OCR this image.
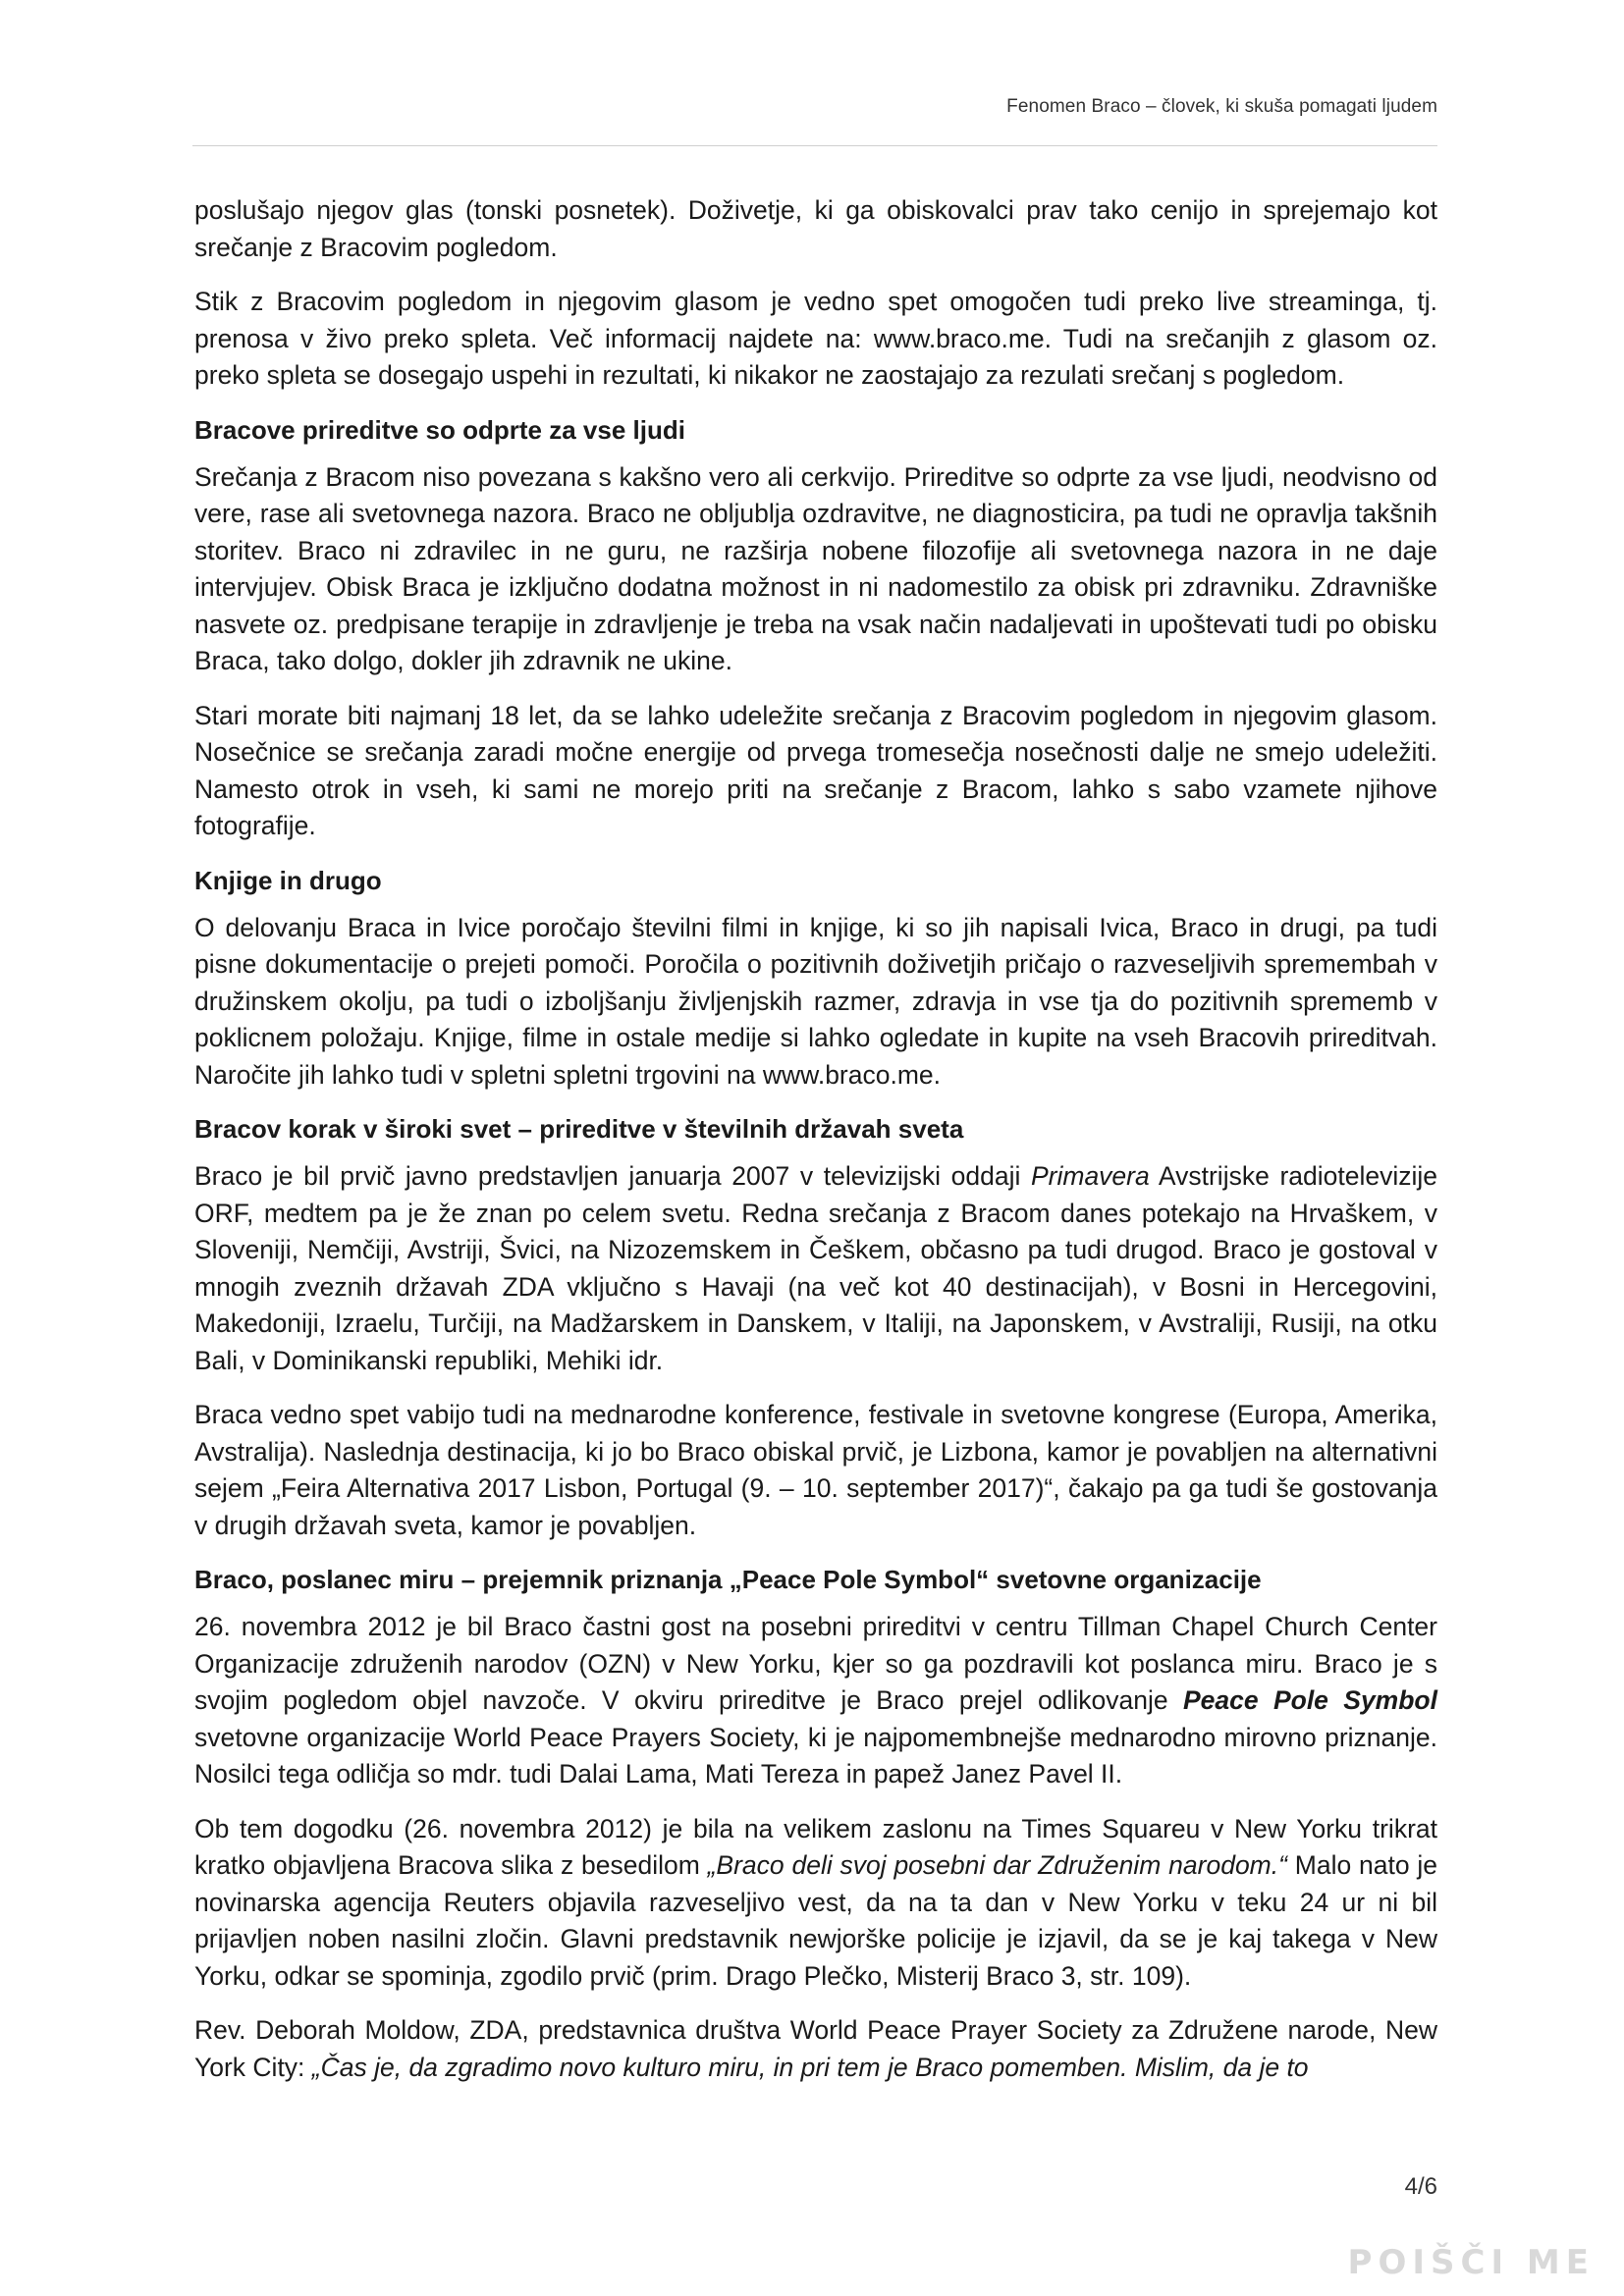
Fenomen Braco – človek, ki skuša pomagati ljudem

poslušajo njegov glas (tonski posnetek). Doživetje, ki ga obiskovalci prav tako cenijo in sprejemajo kot srečanje z Bracovim pogledom.

Stik z Bracovim pogledom in njegovim glasom je vedno spet omogočen tudi preko live streaminga, tj. prenosa v živo preko spleta. Več informacij najdete na: www.braco.me. Tudi na srečanjih z glasom oz. preko spleta se dosegajo uspehi in rezultati, ki nikakor ne zaostajajo za rezulati srečanj s pogledom.

Bracove prireditve so odprte za vse ljudi

Srečanja z Bracom niso povezana s kakšno vero ali cerkvijo. Prireditve so odprte za vse ljudi, neodvisno od vere, rase ali svetovnega nazora. Braco ne obljublja ozdravitve, ne diagnosticira, pa tudi ne opravlja takšnih storitev. Braco ni zdravilec in ne guru, ne razširja nobene filozofije ali svetovnega nazora in ne daje intervjujev. Obisk Braca je izključno dodatna možnost in ni nadomestilo za obisk pri zdravniku. Zdravniške nasvete oz. predpisane terapije in zdravljenje je treba na vsak način nadaljevati in upoštevati tudi po obisku Braca, tako dolgo, dokler jih zdravnik ne ukine.

Stari morate biti najmanj 18 let, da se lahko udeležite srečanja z Bracovim pogledom in njegovim glasom. Nosečnice se srečanja zaradi močne energije od prvega tromesečja nosečnosti dalje ne smejo udeležiti. Namesto otrok in vseh, ki sami ne morejo priti na srečanje z Bracom, lahko s sabo vzamete njihove fotografije.

Knjige in drugo

O delovanju Braca in Ivice poročajo številni filmi in knjige, ki so jih napisali Ivica, Braco in drugi, pa tudi pisne dokumentacije o prejeti pomoči. Poročila o pozitivnih doživetjih pričajo o razveseljivih spremembah v družinskem okolju, pa tudi o izboljšanju življenjskih razmer, zdravja in vse tja do pozitivnih sprememb v poklicnem položaju. Knjige, filme in ostale medije si lahko ogledate in kupite na vseh Bracovih prireditvah. Naročite jih lahko tudi v spletni spletni trgovini na www.braco.me.

Bracov korak v široki svet – prireditve v številnih državah sveta

Braco je bil prvič javno predstavljen januarja 2007 v televizijski oddaji Primavera Avstrijske radiotelevizije ORF, medtem pa je že znan po celem svetu. Redna srečanja z Bracom danes potekajo na Hrvaškem, v Sloveniji, Nemčiji, Avstriji, Švici, na Nizozemskem in Češkem, občasno pa tudi drugod. Braco je gostoval v mnogih zveznih državah ZDA vključno s Havaji (na več kot 40 destinacijah), v Bosni in Hercegovini, Makedoniji, Izraelu, Turčiji, na Madžarskem in Danskem, v Italiji, na Japonskem, v Avstraliji, Rusiji, na otku Bali, v Dominikanski republiki, Mehiki idr.

Braca vedno spet vabijo tudi na mednarodne konference, festivale in svetovne kongrese (Europa, Amerika, Avstralija). Naslednja destinacija, ki jo bo Braco obiskal prvič, je Lizbona, kamor je povabljen na alternativni sejem „Feira Alternativa 2017 Lisbon, Portugal (9. – 10. september 2017)“, čakajo pa ga tudi še gostovanja v drugih državah sveta, kamor je povabljen.

Braco, poslanec miru – prejemnik priznanja „Peace Pole Symbol“ svetovne organizacije

26. novembra 2012 je bil Braco častni gost na posebni prireditvi v centru Tillman Chapel Church Center Organizacije združenih narodov (OZN) v New Yorku, kjer so ga pozdravili kot poslanca miru. Braco je s svojim pogledom objel navzoče. V okviru prireditve je Braco prejel odlikovanje Peace Pole Symbol svetovne organizacije World Peace Prayers Society, ki je najpomembnejše mednarodno mirovno priznanje. Nosilci tega odličja so mdr. tudi Dalai Lama, Mati Tereza in papež Janez Pavel II.

Ob tem dogodku (26. novembra 2012) je bila na velikem zaslonu na Times Squareu v New Yorku trikrat kratko objavljena Bracova slika z besedilom „Braco deli svoj posebni dar Združenim narodom.“ Malo nato je novinarska agencija Reuters objavila razveseljivo vest, da na ta dan v New Yorku v teku 24 ur ni bil prijavljen noben nasilni zločin. Glavni predstavnik newjorške policije je izjavil, da se je kaj takega v New Yorku, odkar se spominja, zgodilo prvič (prim. Drago Plečko, Misterij Braco 3, str. 109).

Rev. Deborah Moldow, ZDA, predstavnica društva World Peace Prayer Society za Združene narode, New York City: „Čas je, da zgradimo novo kulturo miru, in pri tem je Braco pomemben. Mislim, da je to

4/6
POIŠČI ME
